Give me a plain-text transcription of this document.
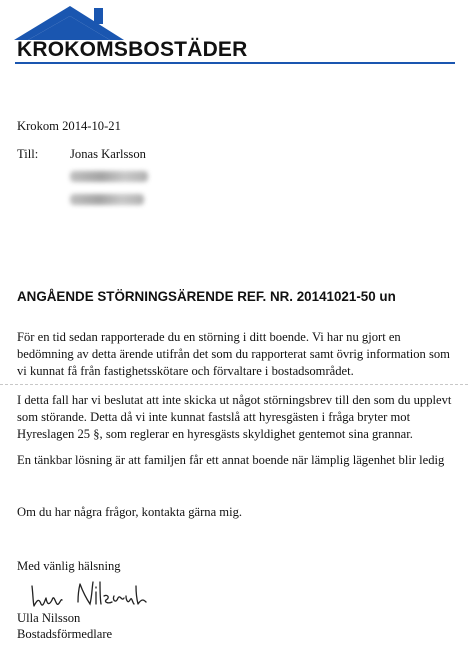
KROKOMSBOSTÄDER
Krokom 2014-10-21
Till:	Jonas Karlsson
ANGÅENDE STÖRNINGSÄRENDE REF. NR. 20141021-50 un
För en tid sedan rapporterade du en störning i ditt boende. Vi har nu gjort en
bedömning av detta ärende utifrån det som du rapporterat samt övrig information som
vi kunnat få från fastighetsskötare och förvaltare i bostadsområdet.
I detta fall har vi beslutat att inte skicka ut något störningsbrev till den som du upplevt
som störande. Detta då vi inte kunnat fastslå att hyresgästen i fråga bryter mot
Hyreslagen 25 §, som reglerar en hyresgästs skyldighet gentemot sina grannar.
En tänkbar lösning är att familjen får ett annat boende när lämplig lägenhet blir ledig
Om du har några frågor, kontakta gärna mig.
Med vänlig hälsning
Ulla Nilsson
Bostadsförmedlare
